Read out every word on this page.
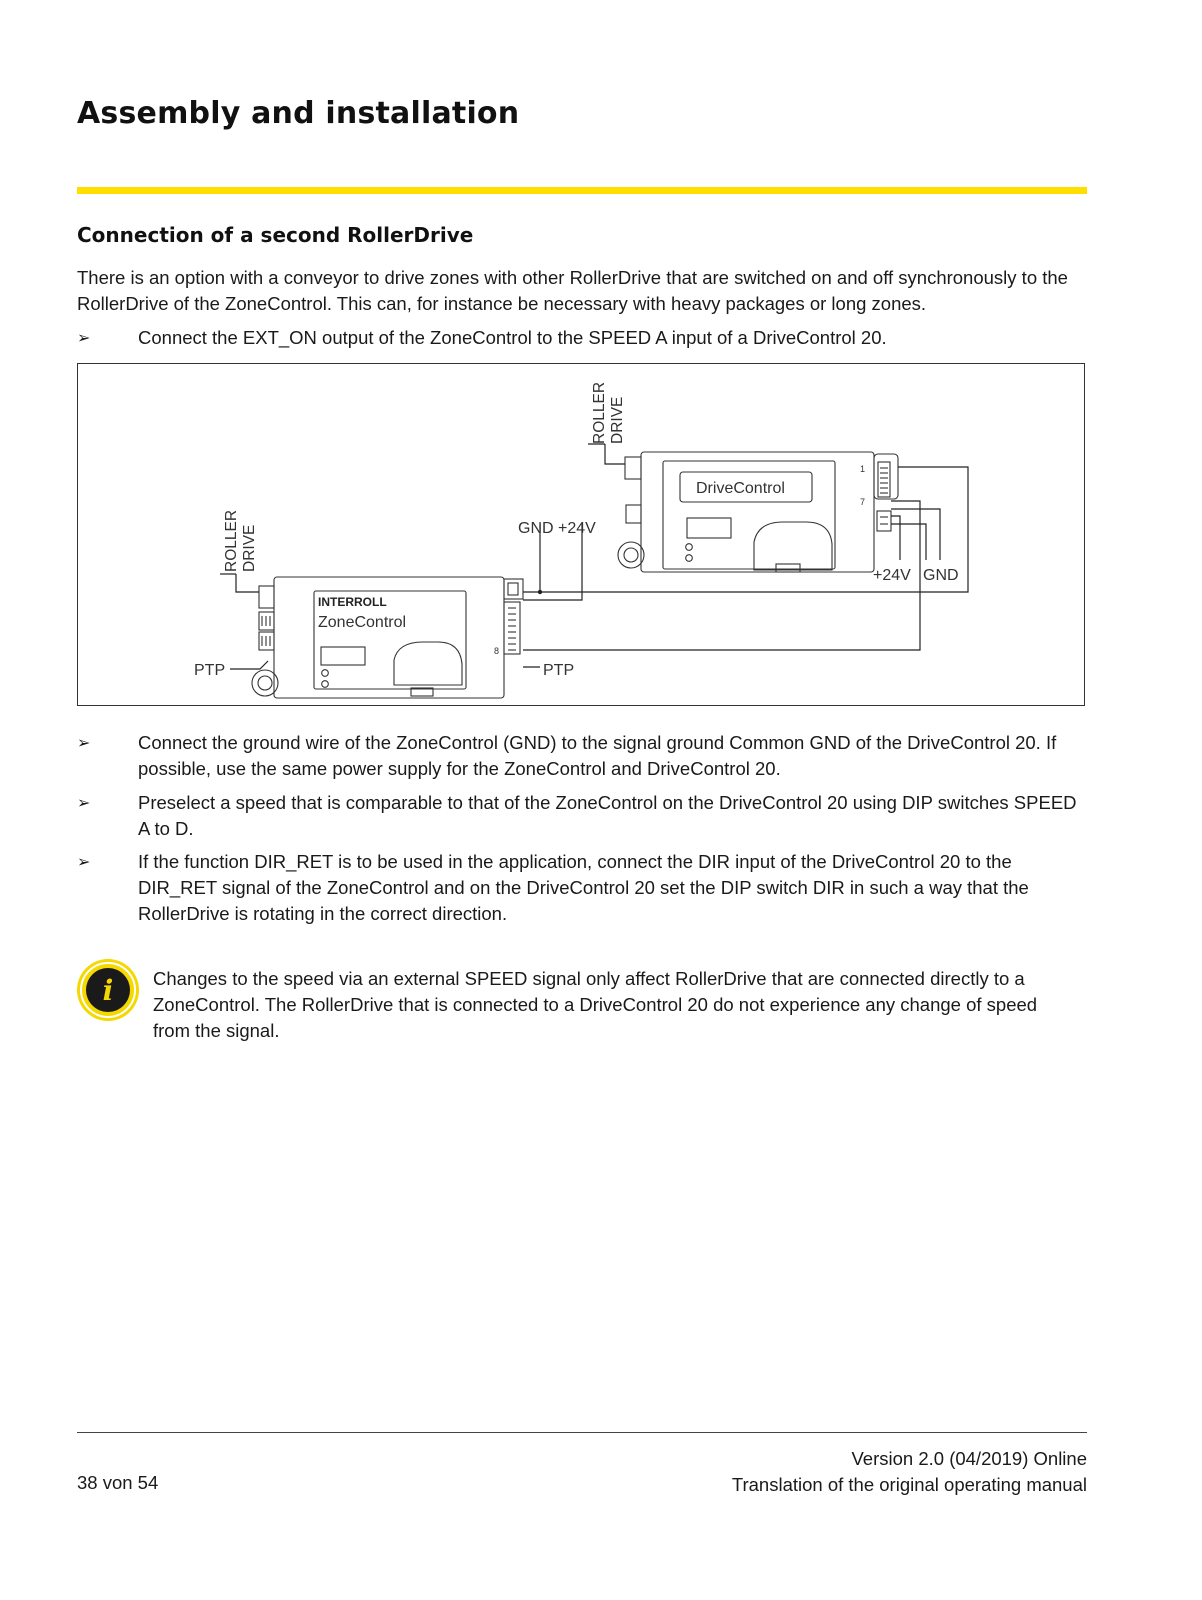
Assembly and installation
Connection of a second RollerDrive

There is an option with a conveyor to drive zones with other RollerDrive that are switched on and off synchronously to the RollerDrive of the ZoneControl. This can, for instance be necessary with heavy packages or long zones.

➢	Connect the EXT_ON output of the ZoneControl to the SPEED A input of a DriveControl 20.
ROLLER DRIVE
ROLLER DRIVE
INTERROLL
ZoneControl
DriveControl
GND +24V
+24V GND
PTP	PTP
1
7
8
➢	Connect the ground wire of the ZoneControl (GND) to the signal ground Common GND of the DriveControl 20. If possible, use the same power supply for the ZoneControl and DriveControl 20.
➢	Preselect a speed that is comparable to that of the ZoneControl on the DriveControl 20 using DIP switches SPEED A to D.
➢	If the function DIR_RET is to be used in the application, connect the DIR input of the DriveControl 20 to the DIR_RET signal of the ZoneControl and on the DriveControl 20 set the DIP switch DIR in such a way that the RollerDrive is rotating in the correct direction.
i Changes to the speed via an external SPEED signal only affect RollerDrive that are connected directly to a ZoneControl. The RollerDrive that is connected to a DriveControl 20 do not experience any change of speed from the signal.

38 von 54
Version 2.0 (04/2019) Online
Translation of the original operating manual
